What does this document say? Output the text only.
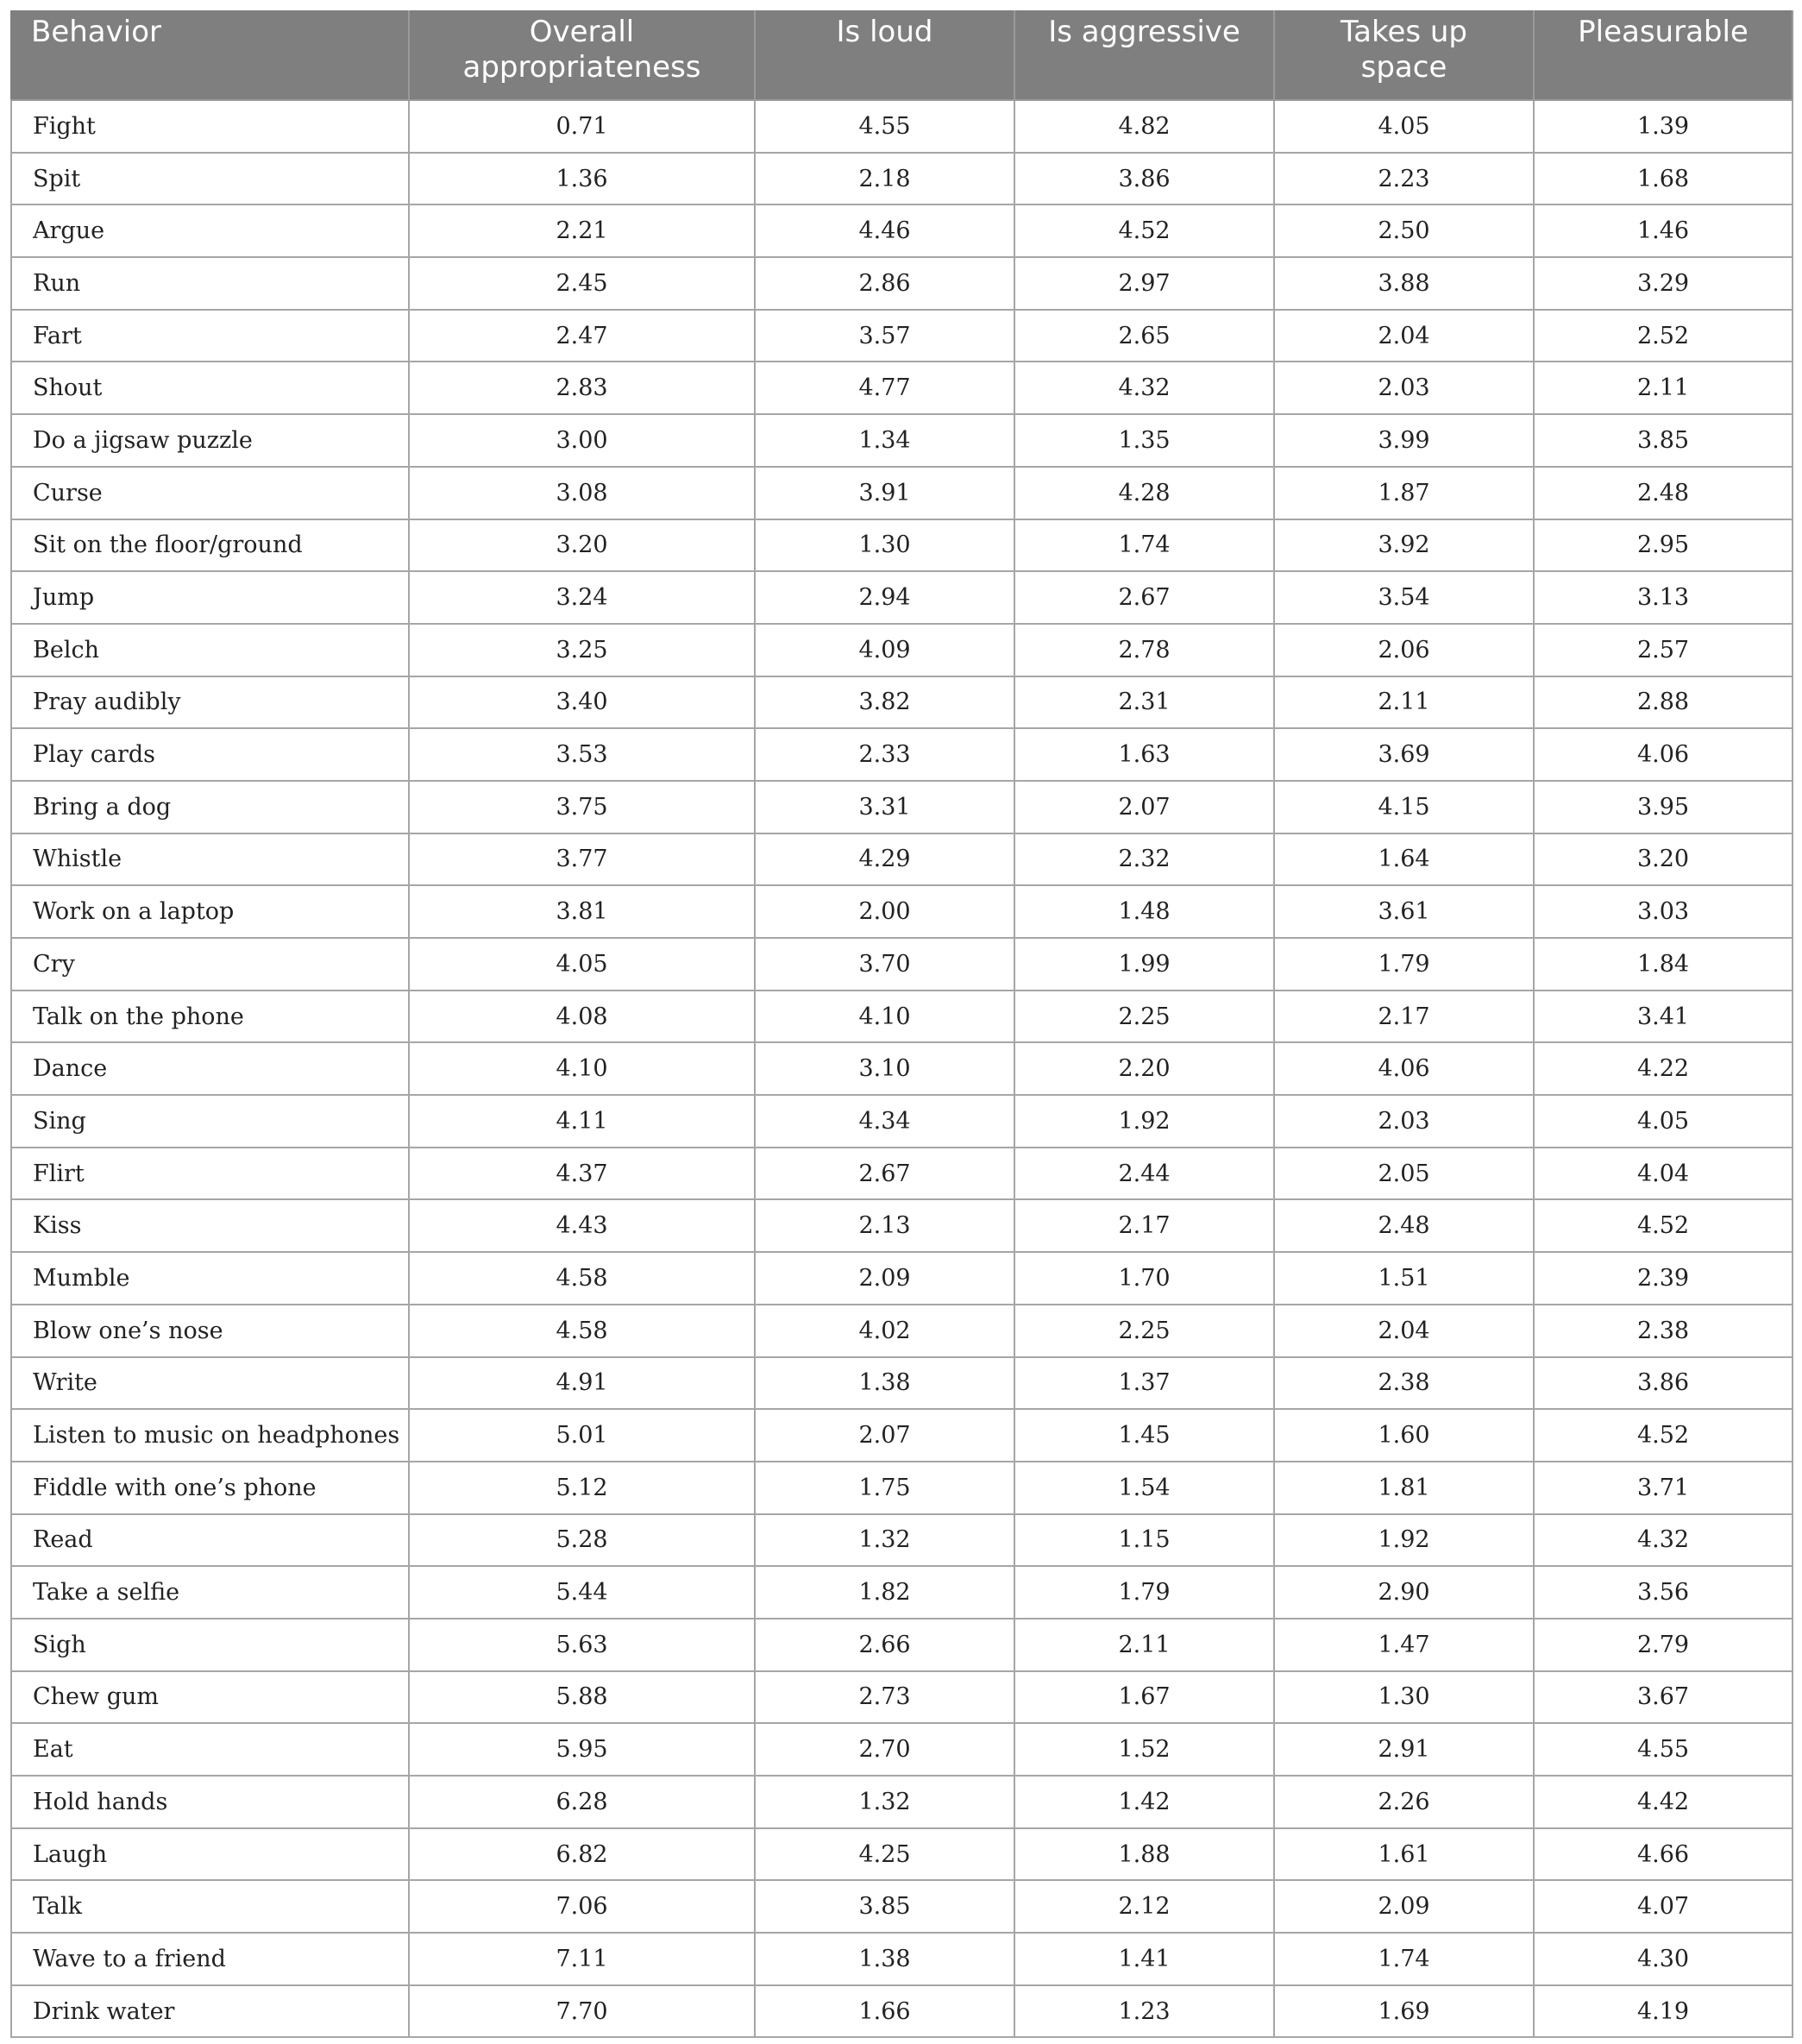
Behavior	Overall appropriateness	Is loud	Is aggressive	Takes up space	Pleasurable

Fight	0.71	4.55	4.82	4.05	1.39
Spit	1.36	2.18	3.86	2.23	1.68
Argue	2.21	4.46	4.52	2.50	1.46
Run	2.45	2.86	2.97	3.88	3.29
Fart	2.47	3.57	2.65	2.04	2.52
Shout	2.83	4.77	4.32	2.03	2.11
Do a jigsaw puzzle	3.00	1.34	1.35	3.99	3.85
Curse	3.08	3.91	4.28	1.87	2.48
Sit on the floor/ground	3.20	1.30	1.74	3.92	2.95
Jump	3.24	2.94	2.67	3.54	3.13
Belch	3.25	4.09	2.78	2.06	2.57
Pray audibly	3.40	3.82	2.31	2.11	2.88
Play cards	3.53	2.33	1.63	3.69	4.06
Bring a dog	3.75	3.31	2.07	4.15	3.95
Whistle	3.77	4.29	2.32	1.64	3.20
Work on a laptop	3.81	2.00	1.48	3.61	3.03
Cry	4.05	3.70	1.99	1.79	1.84
Talk on the phone	4.08	4.10	2.25	2.17	3.41
Dance	4.10	3.10	2.20	4.06	4.22
Sing	4.11	4.34	1.92	2.03	4.05
Flirt	4.37	2.67	2.44	2.05	4.04
Kiss	4.43	2.13	2.17	2.48	4.52
Mumble	4.58	2.09	1.70	1.51	2.39
Blow one’s nose	4.58	4.02	2.25	2.04	2.38
Write	4.91	1.38	1.37	2.38	3.86
Listen to music on headphones	5.01	2.07	1.45	1.60	4.52
Fiddle with one’s phone	5.12	1.75	1.54	1.81	3.71
Read	5.28	1.32	1.15	1.92	4.32
Take a selfie	5.44	1.82	1.79	2.90	3.56
Sigh	5.63	2.66	2.11	1.47	2.79
Chew gum	5.88	2.73	1.67	1.30	3.67
Eat	5.95	2.70	1.52	2.91	4.55
Hold hands	6.28	1.32	1.42	2.26	4.42
Laugh	6.82	4.25	1.88	1.61	4.66
Talk	7.06	3.85	2.12	2.09	4.07
Wave to a friend	7.11	1.38	1.41	1.74	4.30
Drink water	7.70	1.66	1.23	1.69	4.19
